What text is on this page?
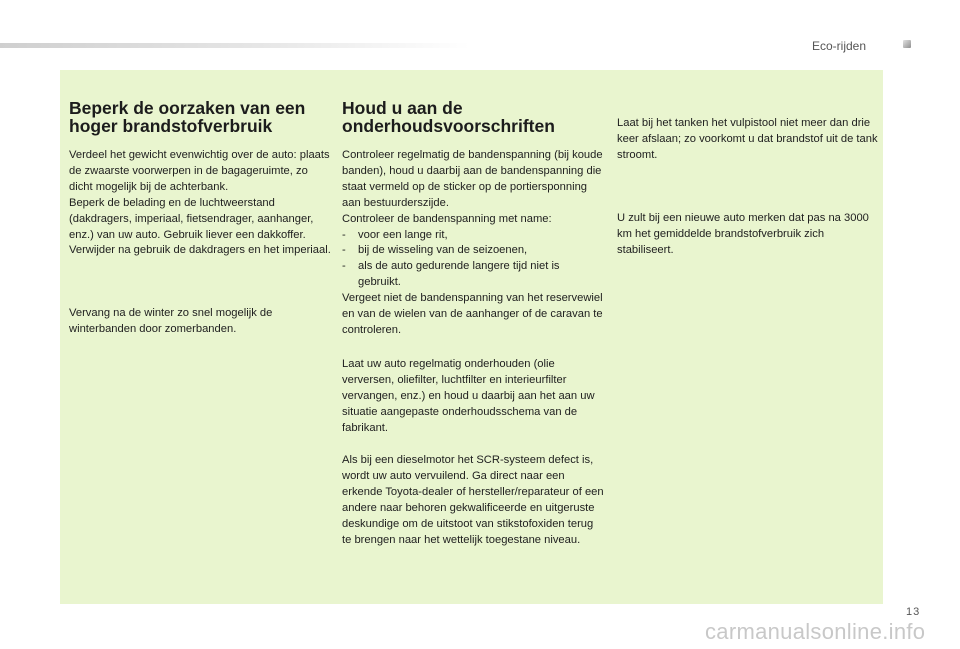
Eco-rijden
Beperk de oorzaken van een hoger brandstofverbruik

Verdeel het gewicht evenwichtig over de auto: plaats de zwaarste voorwerpen in de bagageruimte, zo dicht mogelijk bij de achterbank.

Beperk de belading en de luchtweerstand (dakdragers, imperiaal, fietsendrager, aanhanger, enz.) van uw auto. Gebruik liever een dakkoffer.

Verwijder na gebruik de dakdragers en het imperiaal.

Vervang na de winter zo snel mogelijk de winterbanden door zomerbanden.

Houd u aan de onderhoudsvoorschriften

Controleer regelmatig de bandenspanning (bij koude banden), houd u daarbij aan de bandenspanning die staat vermeld op de sticker op de portiersponning aan bestuurderszijde.

Controleer de bandenspanning met name:

- voor een lange rit,
- bij de wisseling van de seizoenen,
- als de auto gedurende langere tijd niet is gebruikt.

Vergeet niet de bandenspanning van het reservewiel en van de wielen van de aanhanger of de caravan te controleren.

Laat uw auto regelmatig onderhouden (olie verversen, oliefilter, luchtfilter en interieurfilter vervangen, enz.) en houd u daarbij aan het aan uw situatie aangepaste onderhoudsschema van de fabrikant.

Als bij een dieselmotor het SCR-systeem defect is, wordt uw auto vervuilend. Ga direct naar een erkende Toyota-dealer of hersteller/reparateur of een andere naar behoren gekwalificeerde en uitgeruste deskundige om de uitstoot van stikstofoxiden terug te brengen naar het wettelijk toegestane niveau.

Laat bij het tanken het vulpistool niet meer dan drie keer afslaan; zo voorkomt u dat brandstof uit de tank stroomt.

U zult bij een nieuwe auto merken dat pas na 3000 km het gemiddelde brandstofverbruik zich stabiliseert.

13
carmanualsonline.info
